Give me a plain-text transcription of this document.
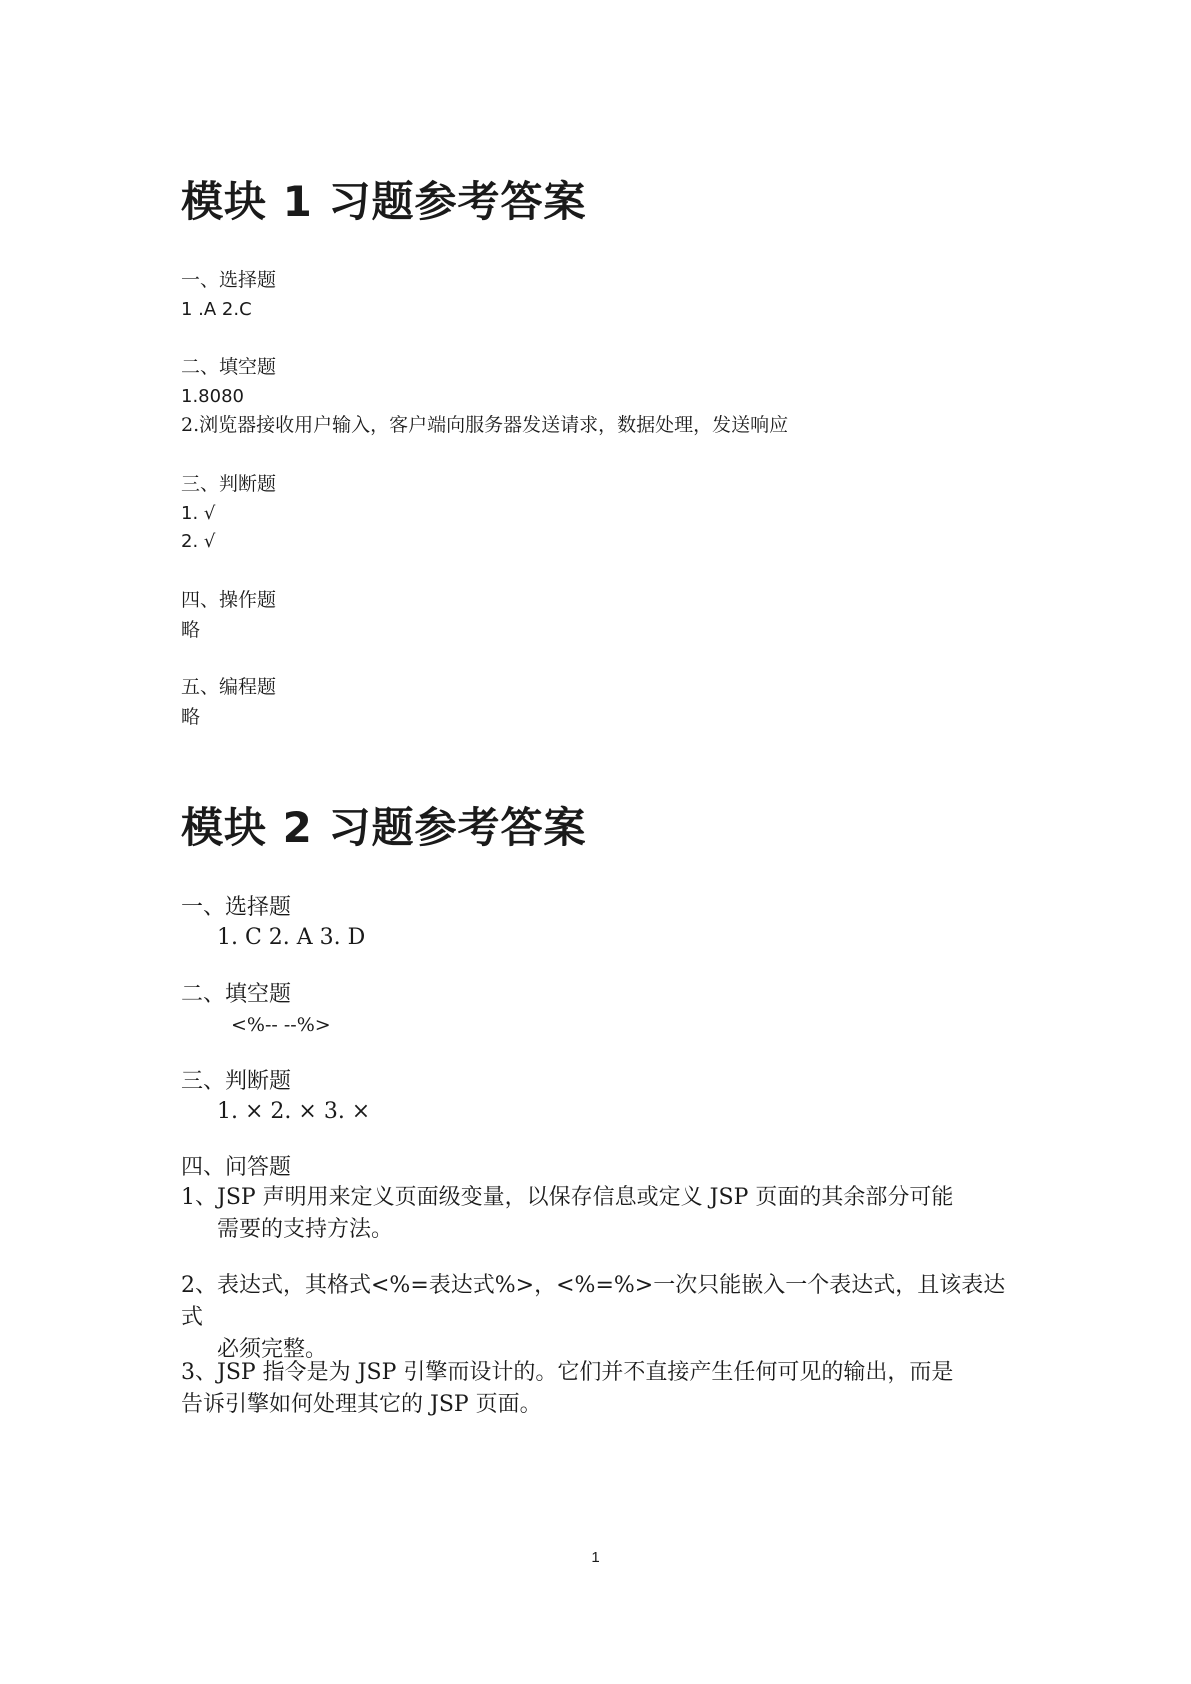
模块 1 习题参考答案
一、选择题
1 .A 2.C
二、填空题
1.8080
2.浏览器接收用户输入，客户端向服务器发送请求，数据处理，发送响应
三、判断题
1. √
2. √
四、操作题
略
五、编程题
略
模块 2 习题参考答案
一、选择题
1. C 2. A 3. D
二、填空题
<%-- --%>
三、判断题
1. × 2. × 3. ×
四、问答题
1、JSP 声明用来定义页面级变量，以保存信息或定义 JSP 页面的其余部分可能
需要的支持方法。
2、表达式，其格式<%=表达式%>，<%=%>一次只能嵌入一个表达式，且该表达式
必须完整。
3、JSP 指令是为 JSP 引擎而设计的。它们并不直接产生任何可见的输出，而是
告诉引擎如何处理其它的 JSP 页面。
1
